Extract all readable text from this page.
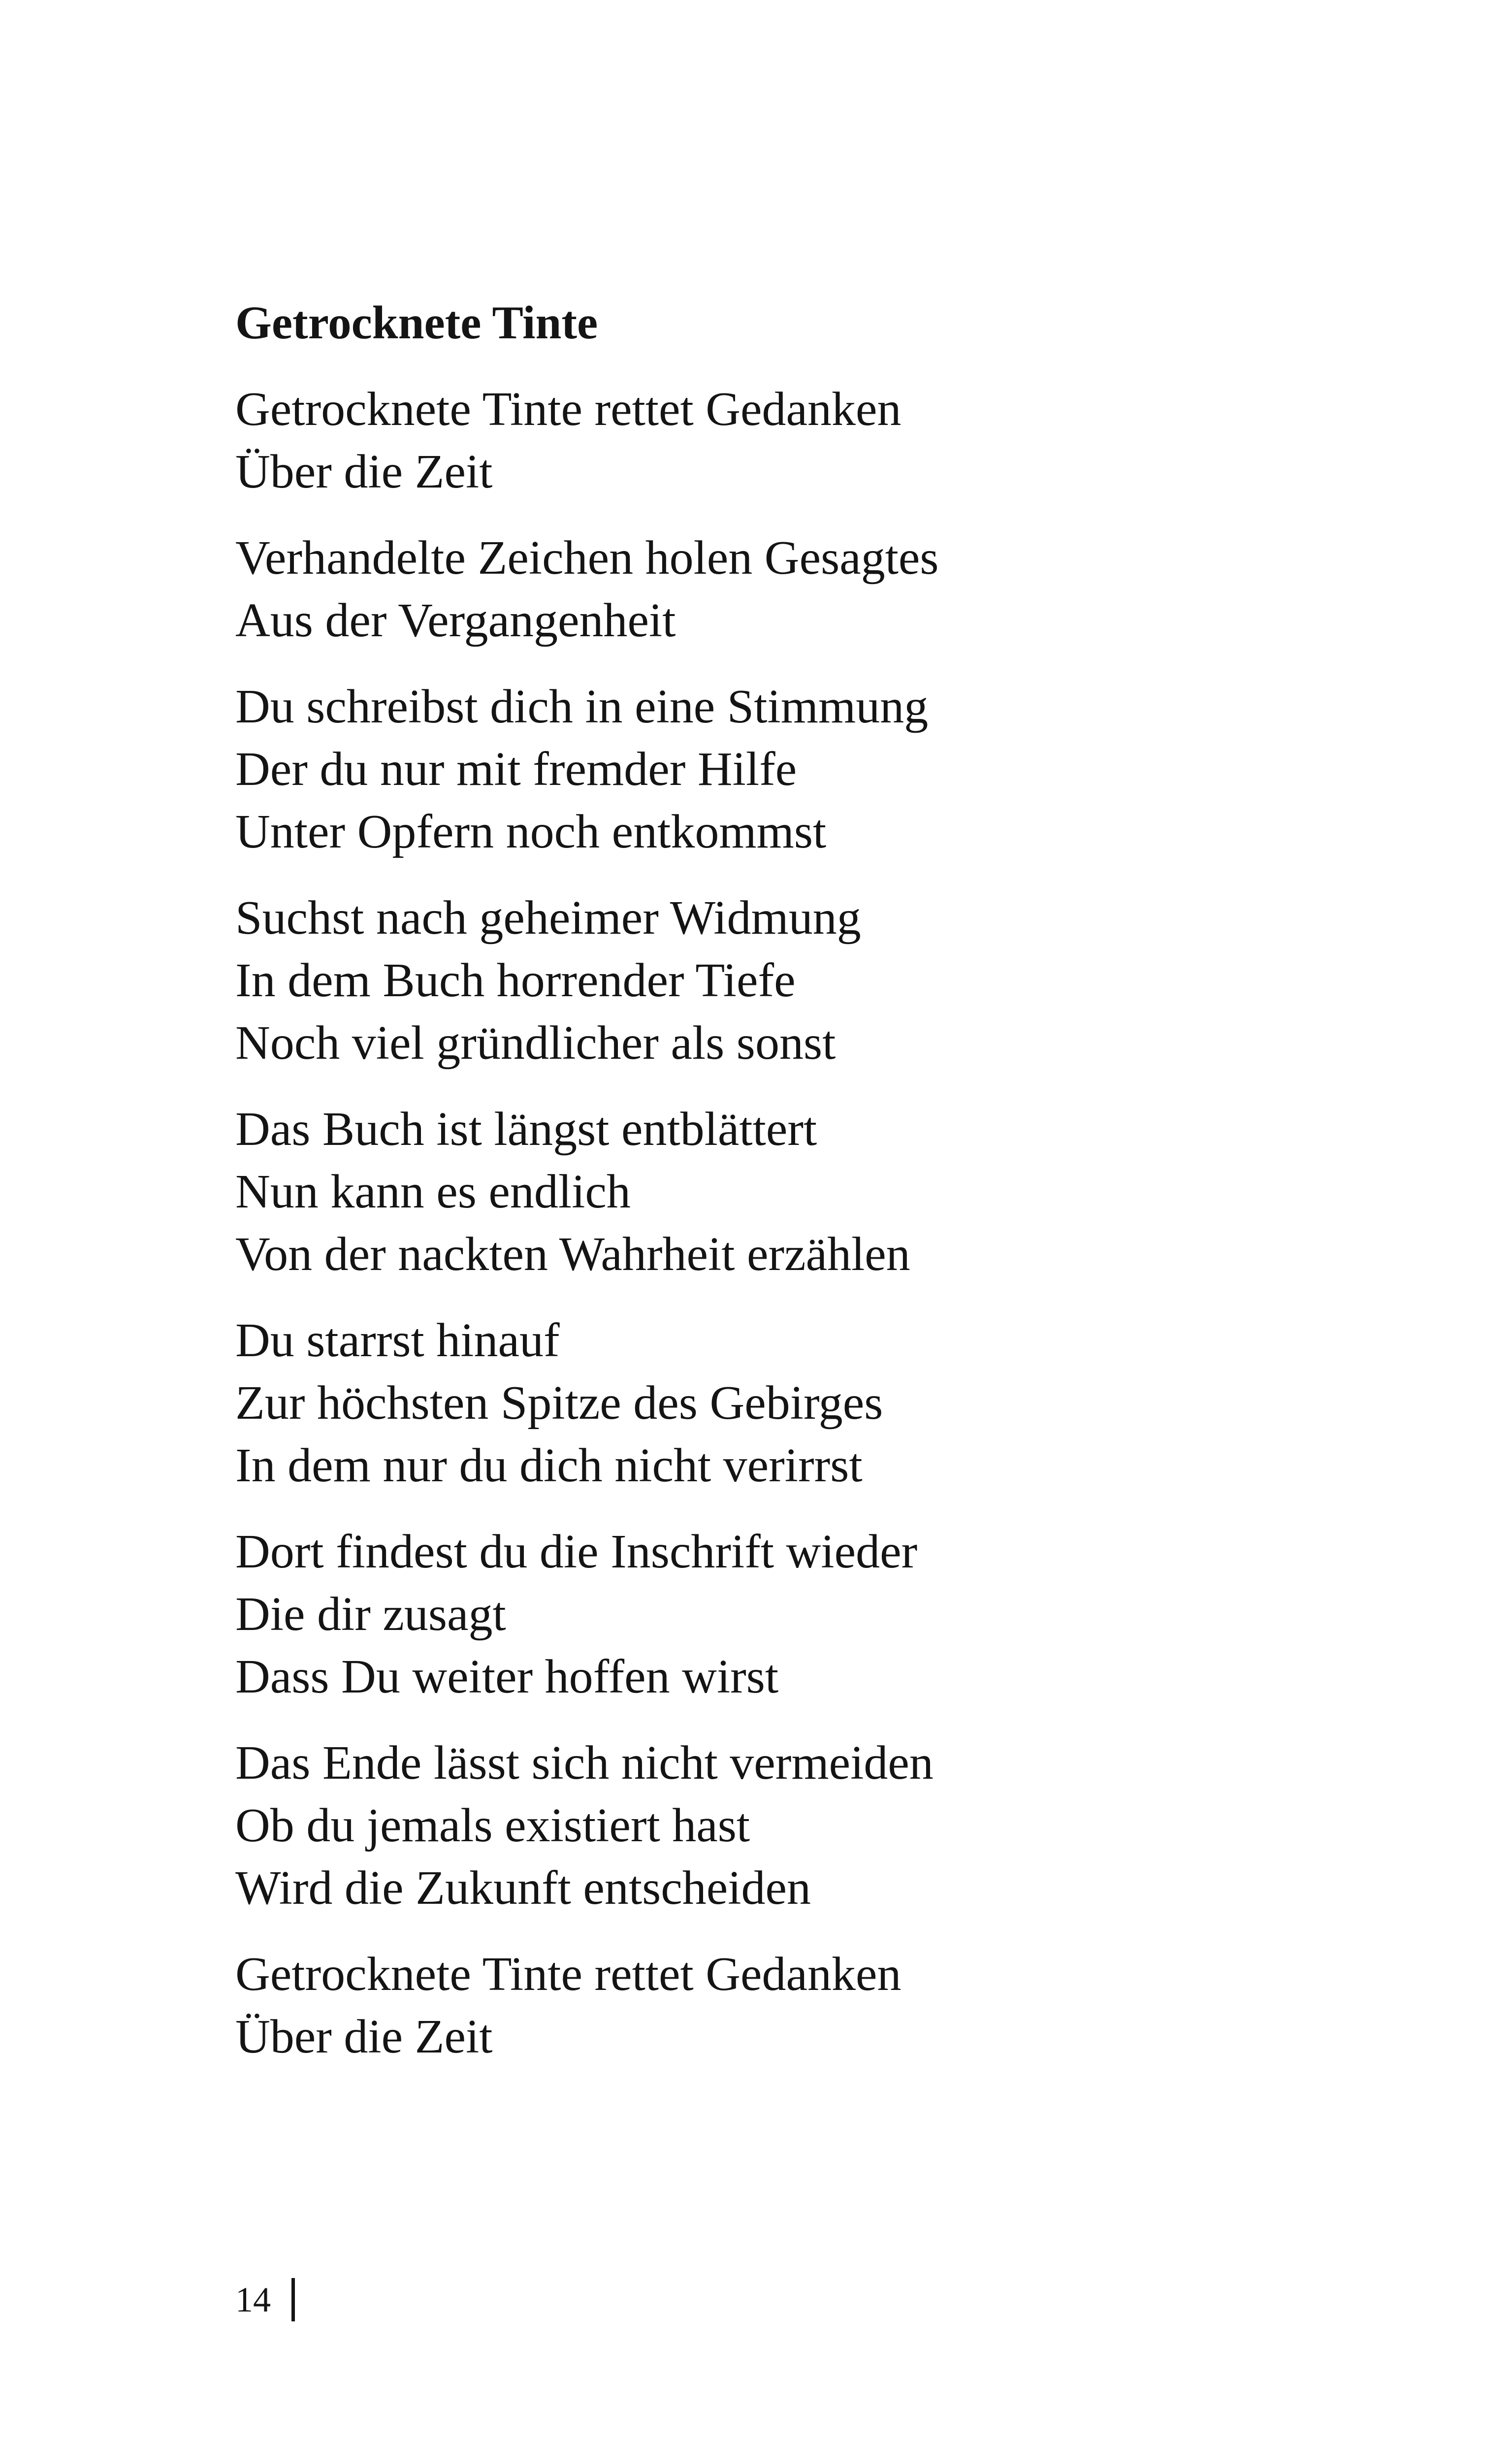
Getrocknete Tinte
Getrocknete Tinte rettet Gedanken
Über die Zeit
Verhandelte Zeichen holen Gesagtes
Aus der Vergangenheit
Du schreibst dich in eine Stimmung
Der du nur mit fremder Hilfe
Unter Opfern noch entkommst
Suchst nach geheimer Widmung
In dem Buch horrender Tiefe
Noch viel gründlicher als sonst
Das Buch ist längst entblättert
Nun kann es endlich
Von der nackten Wahrheit erzählen
Du starrst hinauf
Zur höchsten Spitze des Gebirges
In dem nur du dich nicht verirrst
Dort findest du die Inschrift wieder
Die dir zusagt
Dass Du weiter hoffen wirst
Das Ende lässt sich nicht vermeiden
Ob du jemals existiert hast
Wird die Zukunft entscheiden
Getrocknete Tinte rettet Gedanken
Über die Zeit
14
